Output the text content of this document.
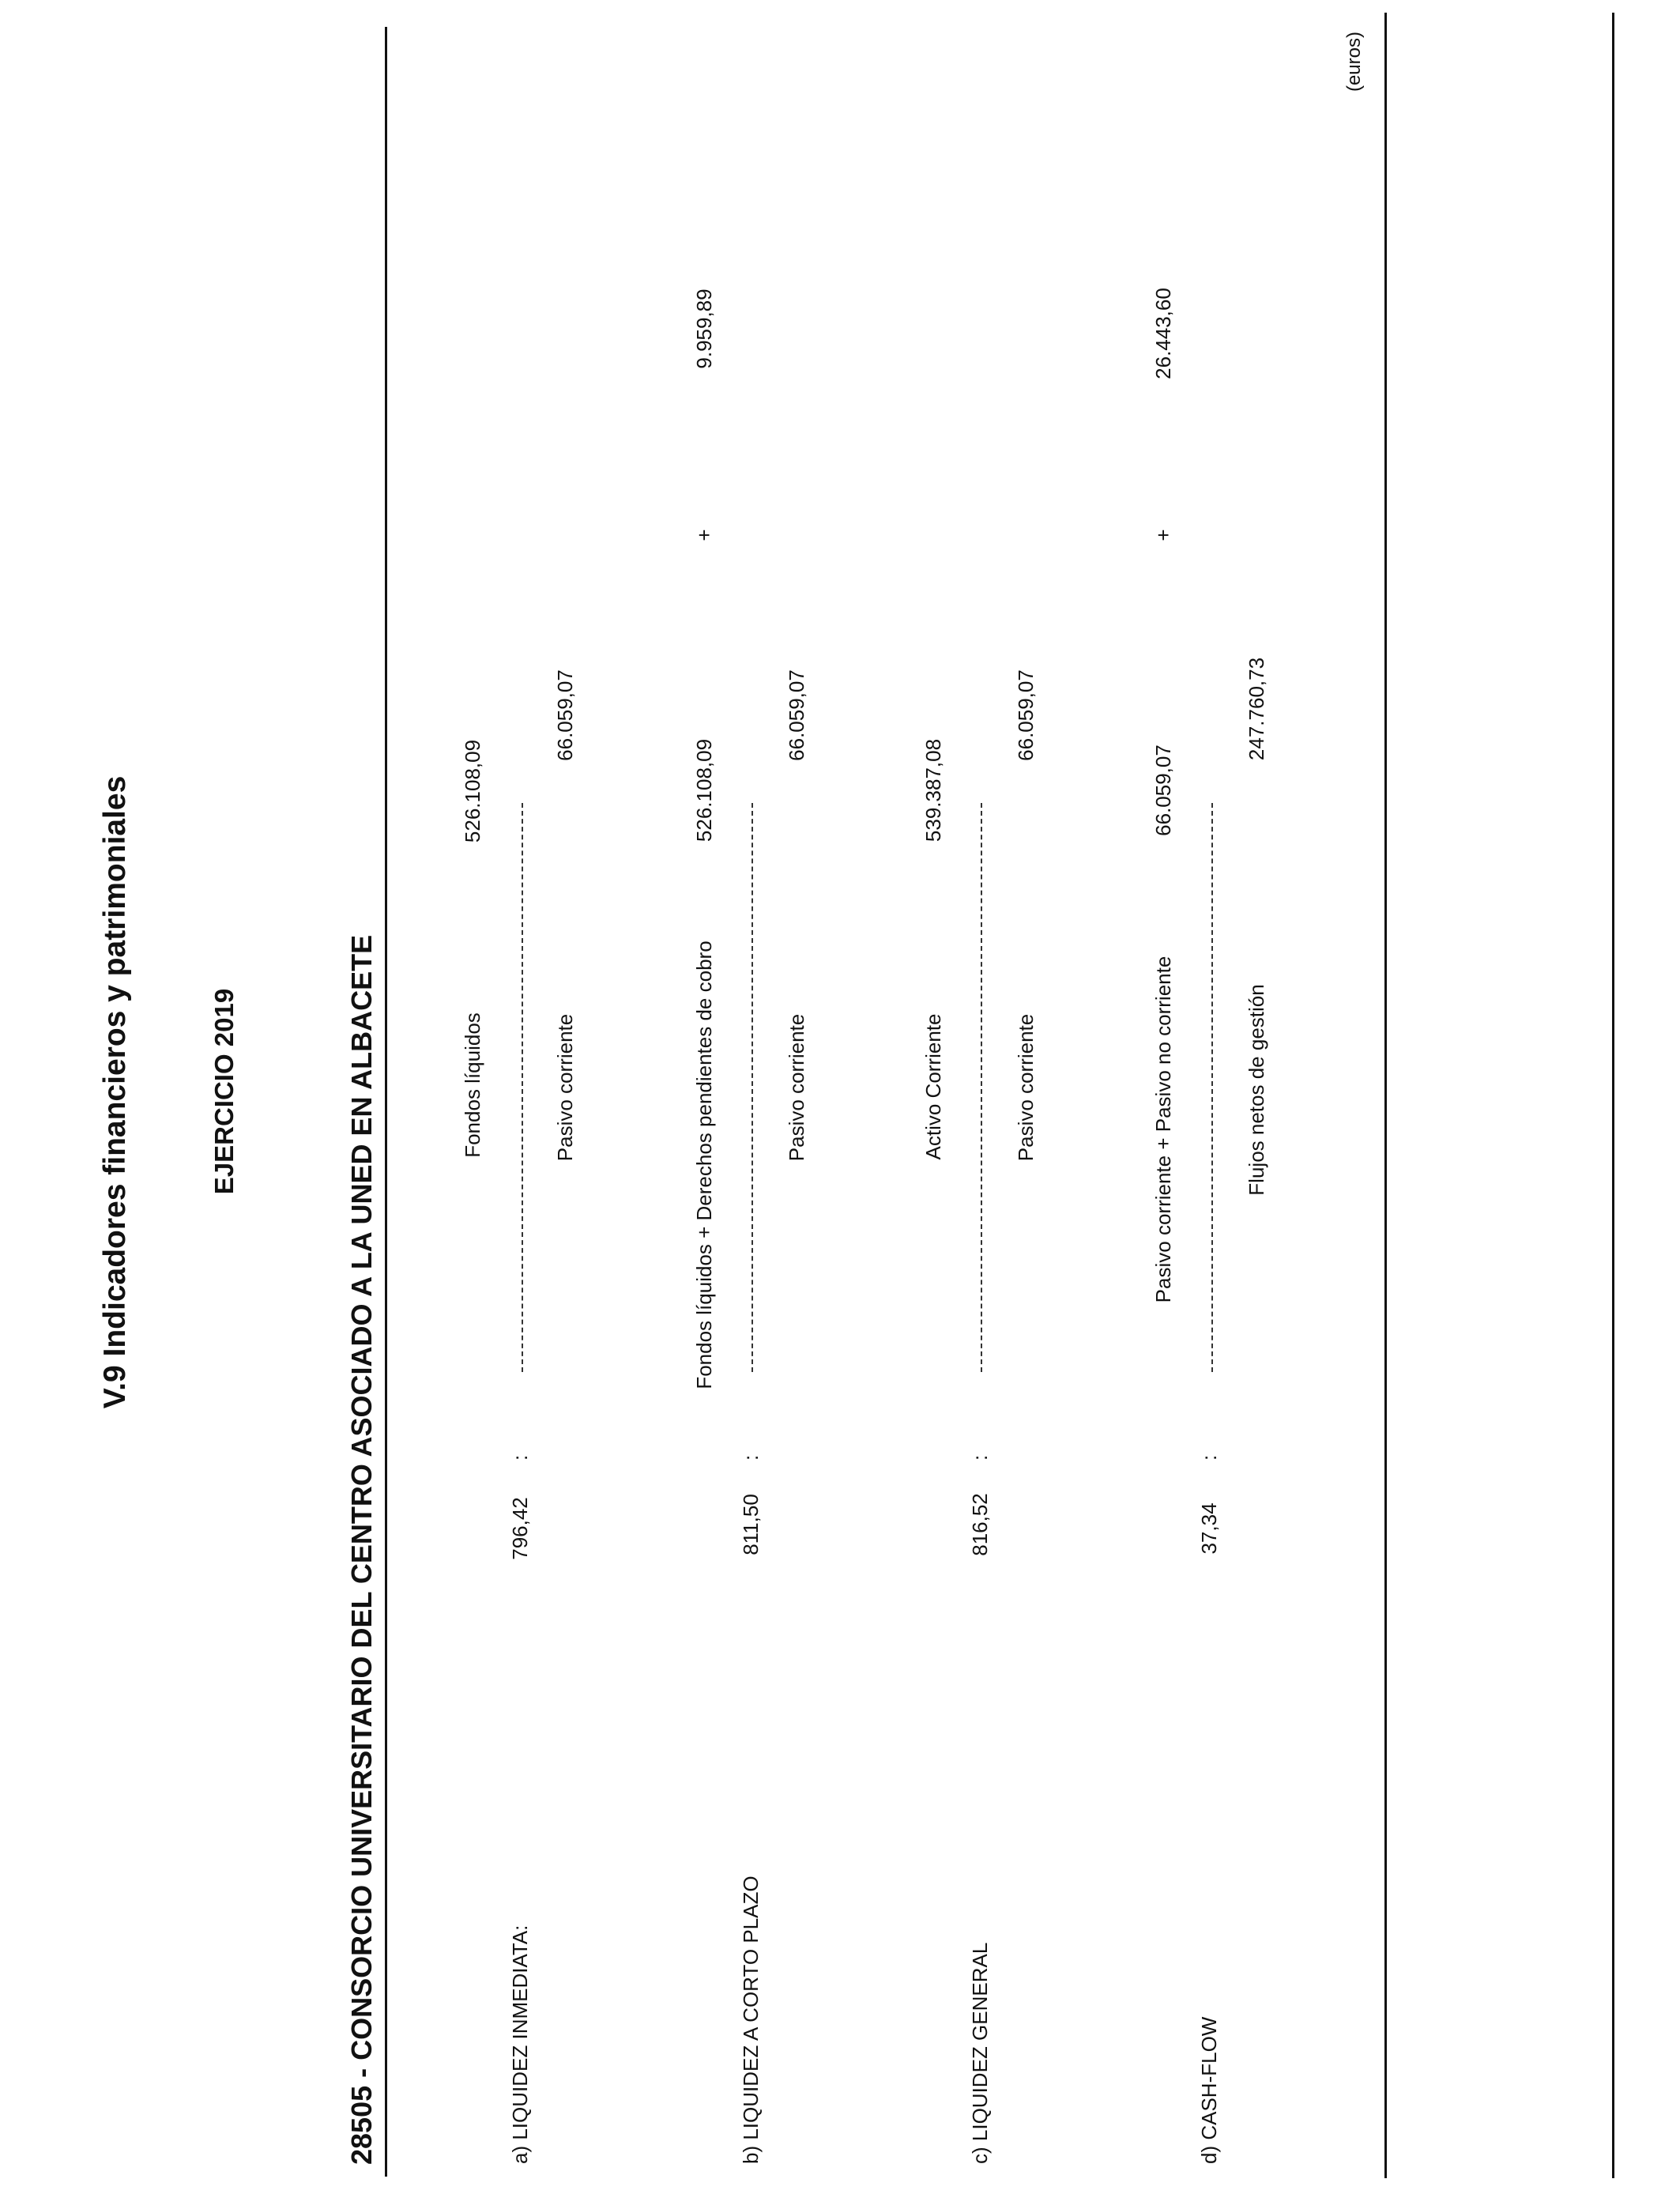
V.9 Indicadores financieros y patrimoniales	EJERCICIO 2019	28505 - CONSORCIO UNIVERSITARIO DEL CENTRO ASOCIADO A LA UNED EN ALBACETE
(euros)
a) LIQUIDEZ INMEDIATA:
796,42
:
Fondos líquidos
526.108,09
Pasivo corriente
66.059,07
b) LIQUIDEZ A CORTO PLAZO
811,50
:
Fondos líquidos + Derechos pendientes de cobro
526.108,09
+
9.959,89
Pasivo corriente
66.059,07
c) LIQUIDEZ GENERAL
816,52
:
Activo Corriente
539.387,08
Pasivo corriente
66.059,07
d) CASH-FLOW
37,34
:
Pasivo corriente + Pasivo no corriente
66.059,07
+
26.443,60
Flujos netos de gestión
247.760,73
